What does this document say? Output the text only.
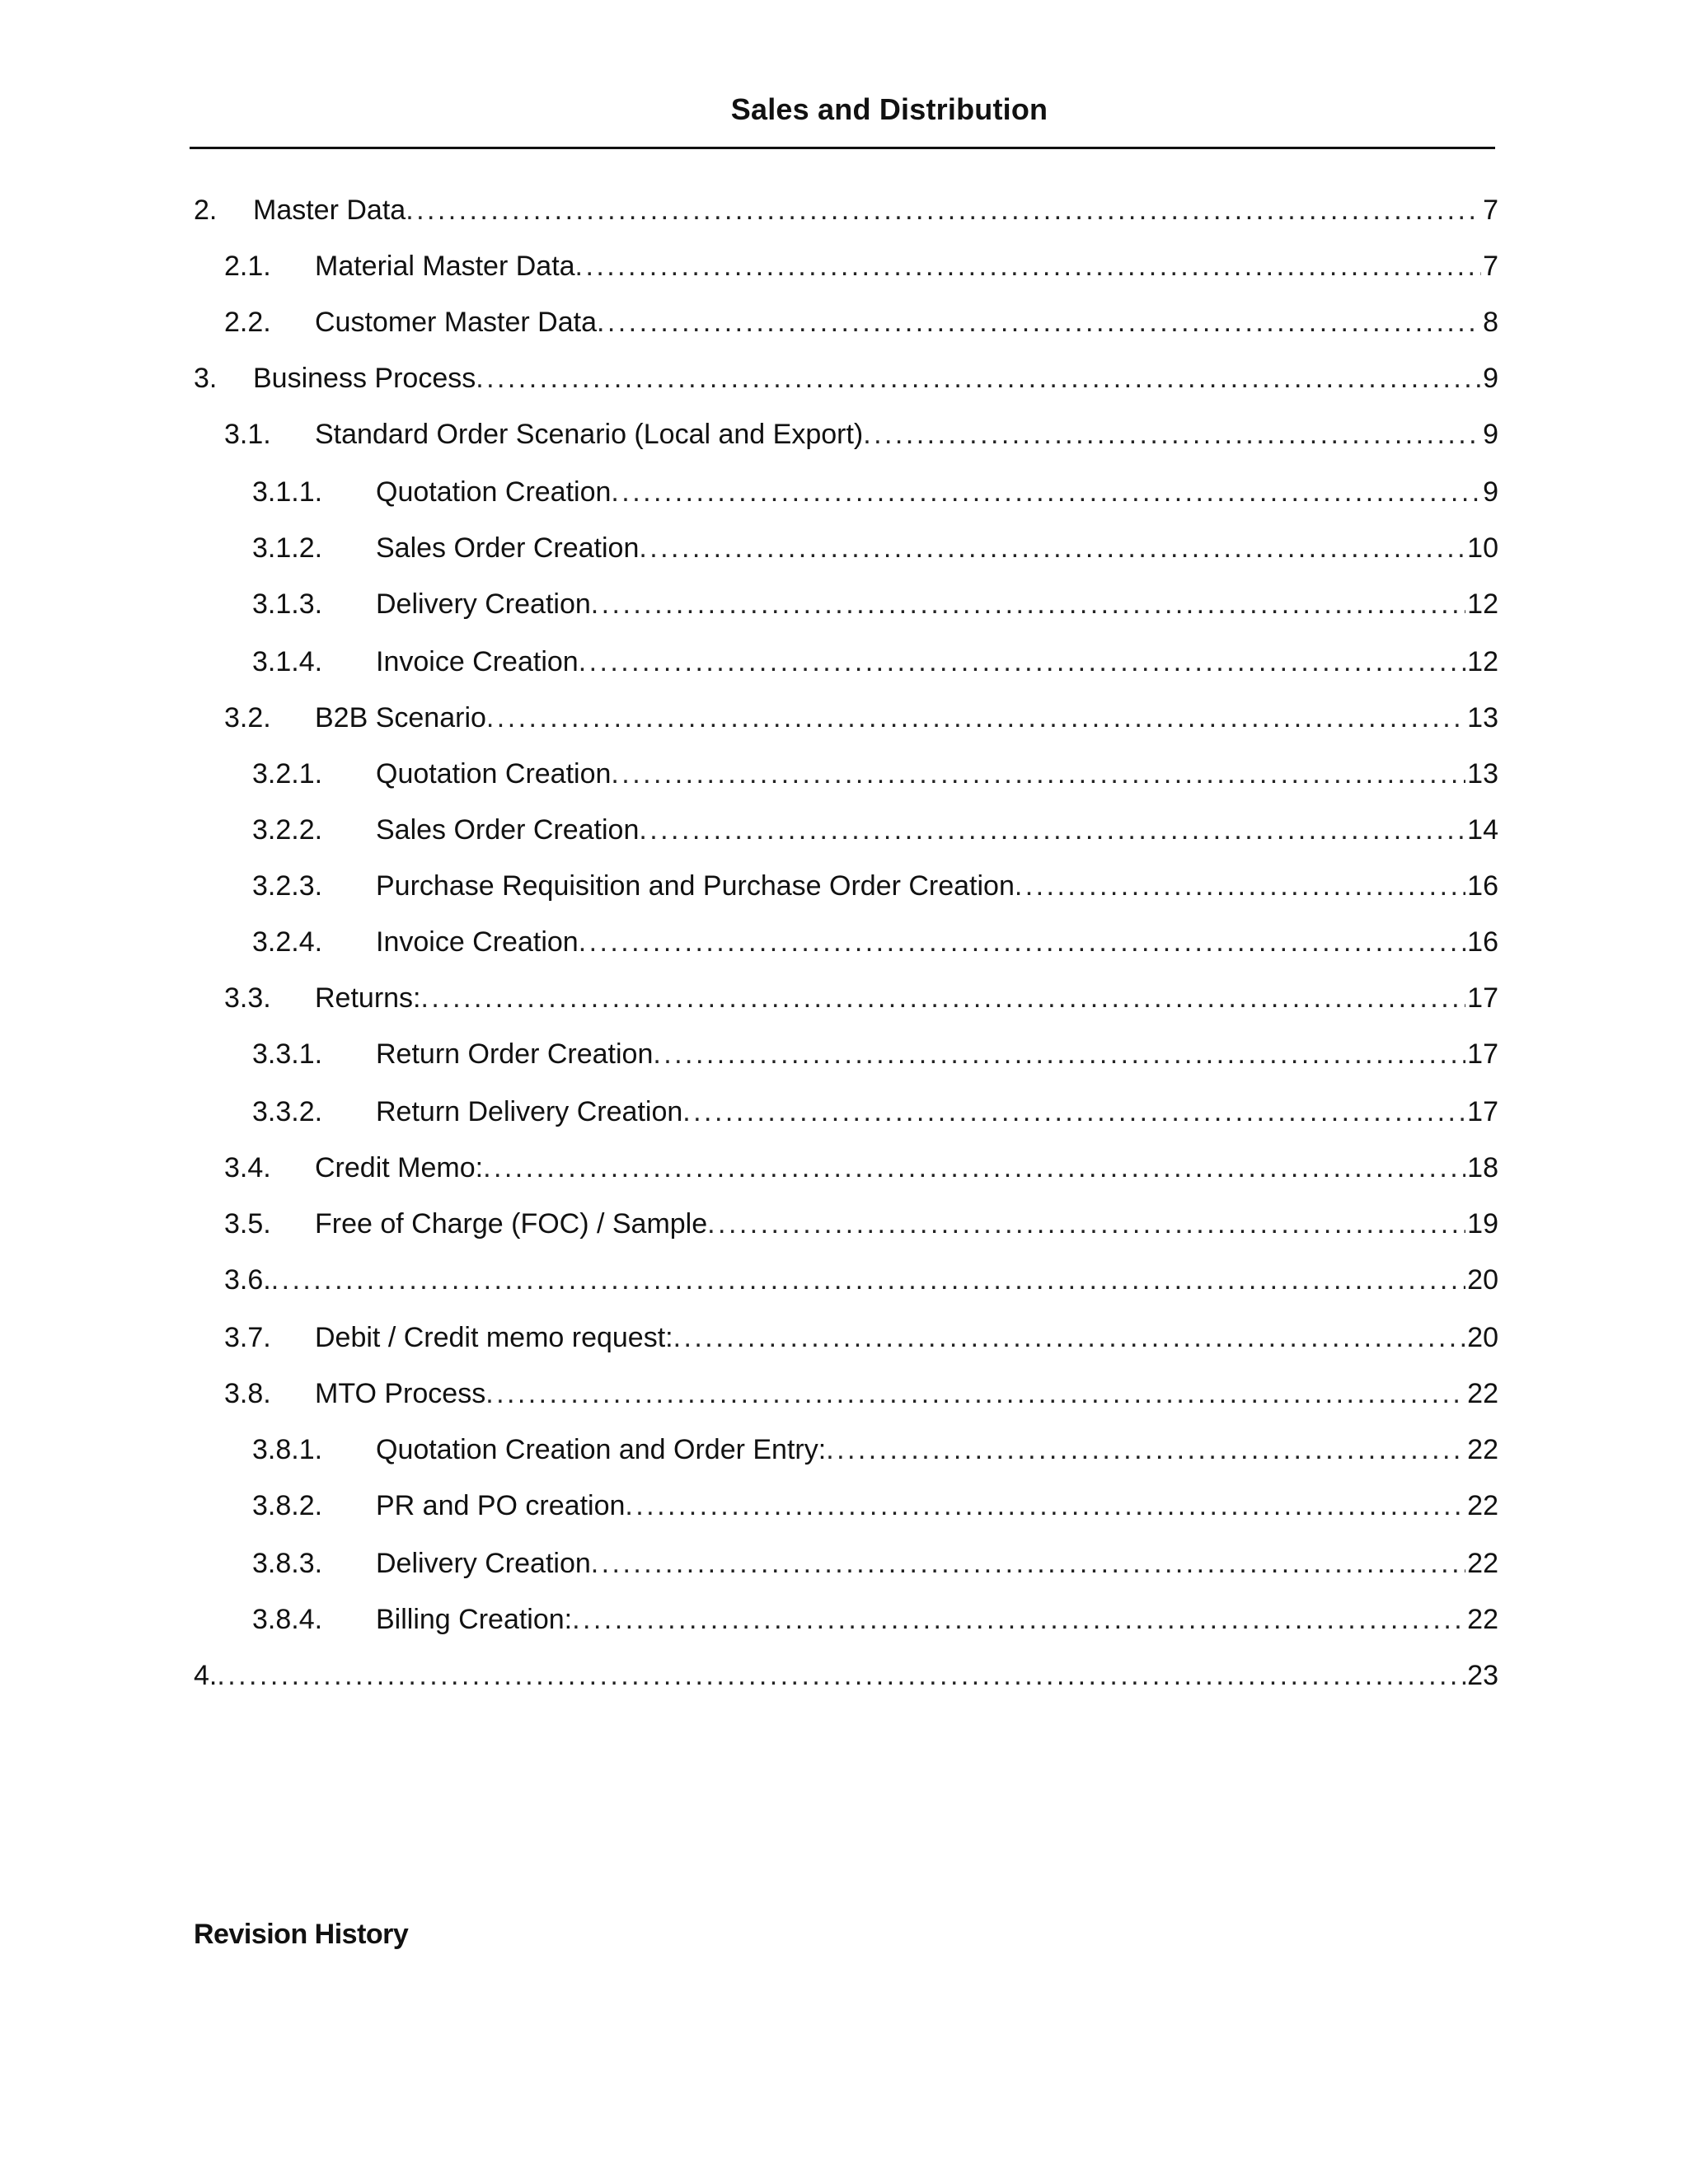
Sales and Distribution
2.	Master Data . . .	7
2.1.	Material Master Data . . .	7
2.2.	Customer Master Data . . .	8
3.	Business Process . . .	9
3.1.	Standard Order Scenario (Local and Export) . . .	9
3.1.1.	Quotation Creation . . .	9
3.1.2.	Sales Order Creation . . .	10
3.1.3.	Delivery Creation . . .	12
3.1.4.	Invoice Creation . . .	12
3.2.	B2B Scenario . . .	13
3.2.1.	Quotation Creation . . .	13
3.2.2.	Sales Order Creation . . .	14
3.2.3.	Purchase Requisition and Purchase Order Creation . . .	16
3.2.4.	Invoice Creation . . .	16
3.3.	Returns: . . .	17
3.3.1.	Return Order Creation . . .	17
3.3.2.	Return Delivery Creation . . .	17
3.4.	Credit Memo: . . .	18
3.5.	Free of Charge (FOC) / Sample . . .	19
3.6. . . .	20
3.7.	Debit / Credit memo request: . . .	20
3.8.	MTO Process . . .	22
3.8.1.	Quotation Creation and Order Entry: . . .	22
3.8.2.	PR and PO creation . . .	22
3.8.3.	Delivery Creation . . .	22
3.8.4.	Billing Creation: . . .	22
4. . . .	23
Revision History
